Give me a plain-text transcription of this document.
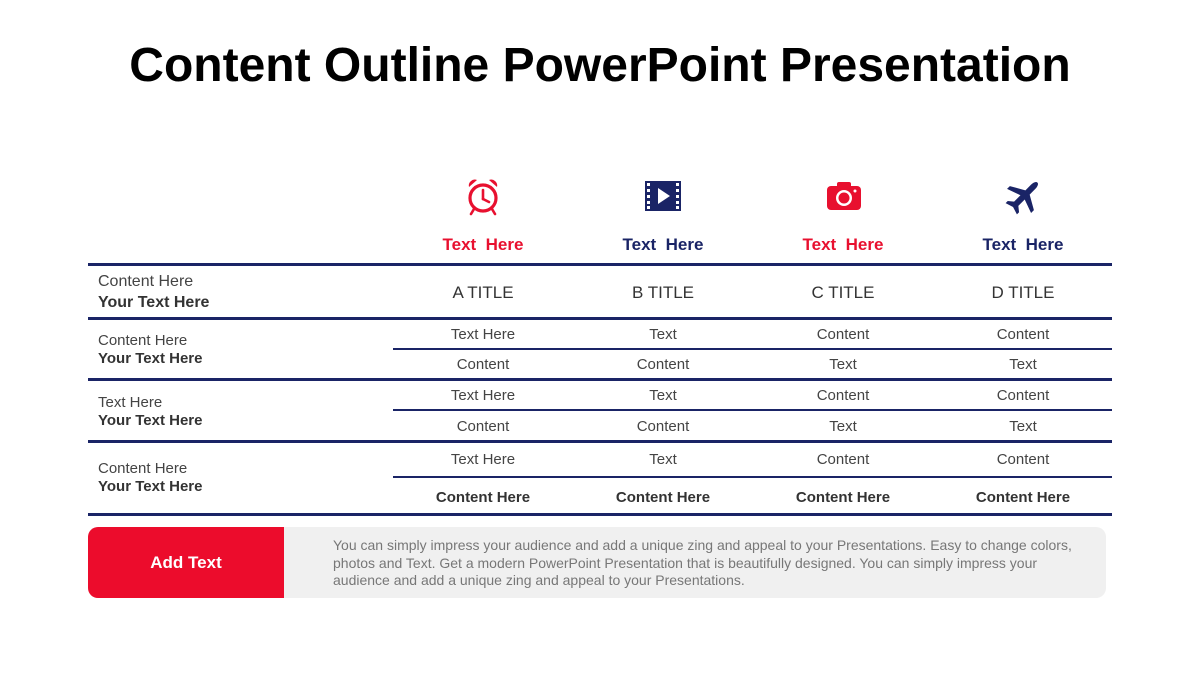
Content Outline PowerPoint Presentation
Text  Here	Text  Here	Text  Here	Text  Here
Content Here
Your Text Here
A TITLE	B TITLE	C TITLE	D TITLE
Content Here
Your Text Here
Text Here	Text	Content	Content
Content	Content	Text	Text
Text Here
Your Text Here
Text Here	Text	Content	Content
Content	Content	Text	Text
Content Here
Your Text Here
Text Here	Text	Content	Content
Content Here	Content Here	Content Here	Content Here
Add Text
You can simply impress your audience and add a unique zing and appeal to your Presentations. Easy to change colors, photos and Text. Get a modern PowerPoint Presentation that is beautifully designed. You can simply impress your audience and add a unique zing and appeal to your Presentations.
